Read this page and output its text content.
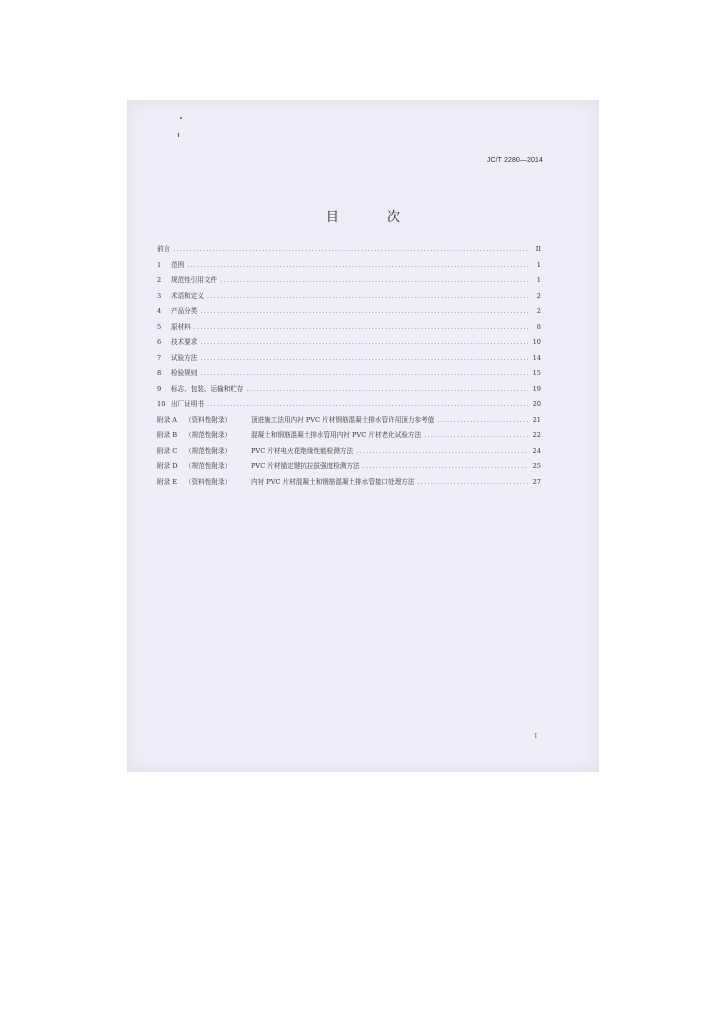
JC/T 2280—2014
目 次
前言 .....	II
1	范围 .....	1
2	规范性引用文件 .....	1
3	术语和定义 .....	2
4	产品分类 .....	2
5	原材料 .....	8
6	技术要求 .....	10
7	试验方法 .....	14
8	检验规则 .....	15
9	标志、包装、运输和贮存 .....	19
10 出厂证明书 .....	20
附录 A	（资料性附录）	顶进施工法用内衬 PVC 片材钢筋混凝土排水管许用顶力参考值 .....	21
附录 B	（规范性附录）	混凝土和钢筋混凝土排水管用内衬 PVC 片材老化试验方法 .....	22
附录 C	（规范性附录）	PVC 片材电火花绝缘性能检测方法 .....	24
附录 D	（规范性附录）	PVC 片材锚定键抗拉拔强度检测方法 .....	25
附录 E	（资料性附录）	内衬 PVC 片材混凝土和钢筋混凝土排水管接口处理方法 .....	27
I
